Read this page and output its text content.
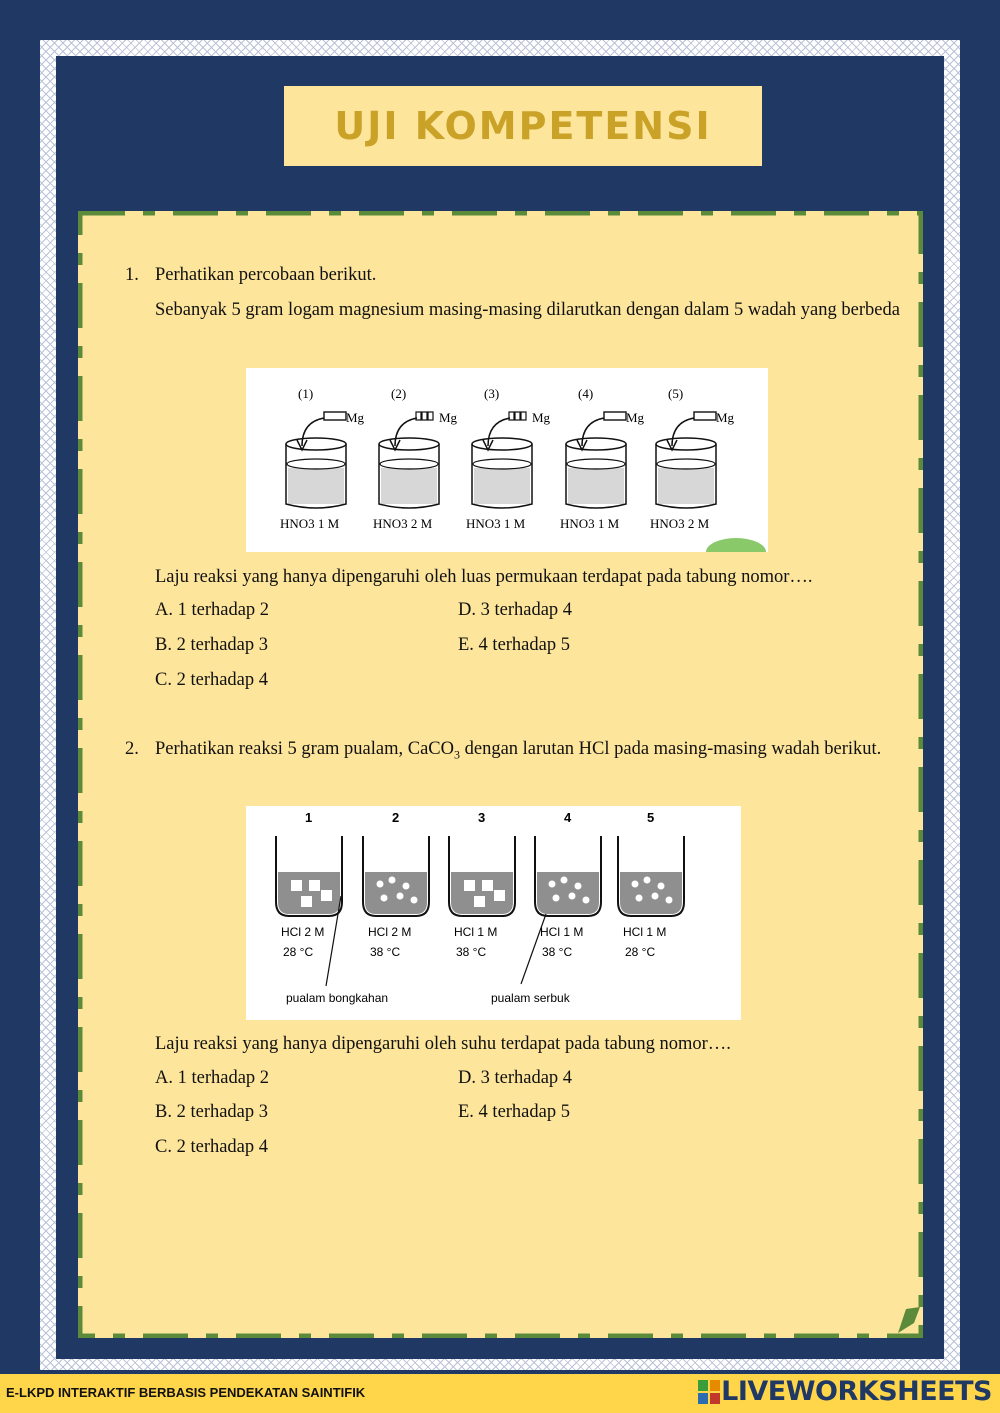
UJI KOMPETENSI
1. Perhatikan percobaan berikut.
Sebanyak 5 gram logam magnesium masing-masing dilarutkan dengan dalam 5 wadah yang berbeda
(1)
Mg
HNO3 1 M
(2)
Mg
HNO3 2 M
(3)
Mg
HNO3 1 M
(4)
Mg
HNO3 1 M
(5)
Mg
HNO3 2 M
Laju reaksi yang hanya dipengaruhi oleh luas permukaan terdapat pada tabung nomor….
A. 1 terhadap 2
B. 2 terhadap 3
C. 2 terhadap 4
D. 3 terhadap 4
E. 4 terhadap 5
2. Perhatikan reaksi 5 gram pualam, CaCO$_3$ dengan larutan HCl pada masing-masing wadah berikut.
1
HCl 2 M
28 °C
2
HCl 2 M
38 °C
3
HCl 1 M
38 °C
4
HCl 1 M
38 °C
5
HCl 1 M
28 °C
pualam bongkahan	pualam serbuk
Laju reaksi yang hanya dipengaruhi oleh suhu terdapat pada tabung nomor….
A. 1 terhadap 2
B. 2 terhadap 3
C. 2 terhadap 4
D. 3 terhadap 4
E. 4 terhadap 5
E-LKPD INTERAKTIF BERBASIS PENDEKATAN SAINTIFIK	LIVEWORKSHEETS
